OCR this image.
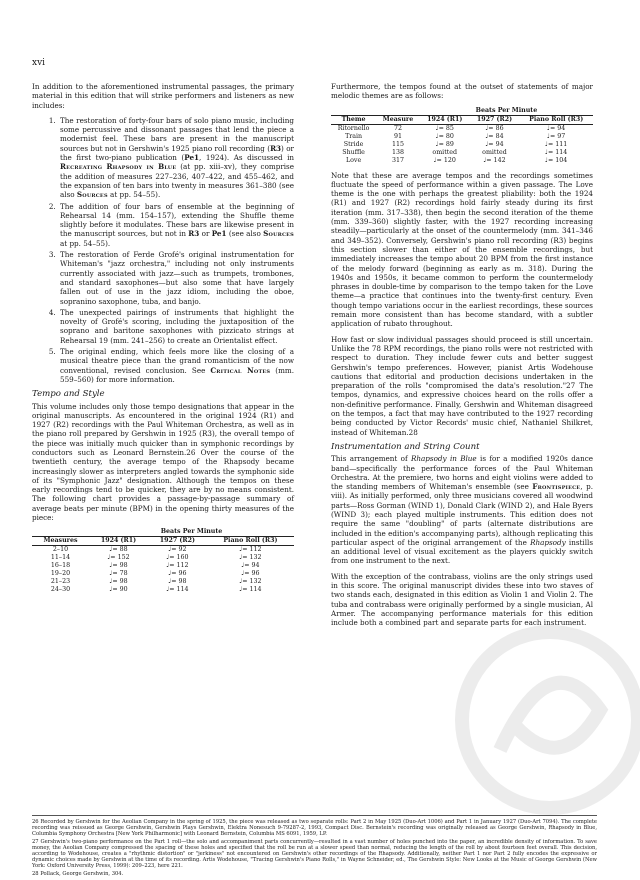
xvi

In addition to the aforementioned instrumental passages, the primary material in this edition that will strike performers and listeners as new includes:

1. The restoration of forty-four bars of solo piano music, including some percussive and dissonant passages that lend the piece a modernist feel. These bars are present in the manuscript sources but not in Gershwin's 1925 piano roll recording (R3) or the first two-piano publication (Pe1, 1924). As discussed in Recreating Rhapsody in Blue (at pp. xiii–xv), they comprise the addition of measures 227–236, 407–422, and 455–462, and the expansion of ten bars into twenty in measures 361–380 (see also Sources at pp. 54–55).
2. The addition of four bars of ensemble at the beginning of Rehearsal 14 (mm. 154–157), extending the Shuffle theme slightly before it modulates. These bars are likewise present in the manuscript sources, but not in R3 or Pe1 (see also Sources at pp. 54–55).
3. The restoration of Ferde Grofé's original instrumentation for Whiteman's "jazz orchestra," including not only instruments currently associated with jazz—such as trumpets, trombones, and standard saxophones—but also some that have largely fallen out of use in the jazz idiom, including the oboe, sopranino saxophone, tuba, and banjo.
4. The unexpected pairings of instruments that highlight the novelty of Grofé's scoring, including the juxtaposition of the soprano and baritone saxophones with pizzicato strings at Rehearsal 19 (mm. 241–256) to create an Orientalist effect.
5. The original ending, which feels more like the closing of a musical theatre piece than the grand romanticism of the now conventional, revised conclusion. See Critical Notes (mm. 559–560) for more information.
Tempo and Style

This volume includes only those tempo designations that appear in the original manuscripts. As encountered in the original 1924 (R1) and 1927 (R2) recordings with the Paul Whiteman Orchestra, as well as in the piano roll prepared by Gershwin in 1925 (R3), the overall tempo of the piece was initially much quicker than in symphonic recordings by conductors such as Leonard Bernstein.26 Over the course of the twentieth century, the average tempo of the Rhapsody became increasingly slower as interpreters angled towards the symphonic side of its "Symphonic Jazz" designation. Although the tempos on these early recordings tend to be quicker, they are by no means consistent. The following chart provides a passage-by-passage summary of average beats per minute (BPM) in the opening thirty measures of the piece:

	Beats Per Minute		
Measures	1924 (R1)	1927 (R2)	Piano Roll (R3)
2–10	♩= 88	♩= 92	♩= 112
11–14	♩= 152	♩= 160	♩= 132
16–18	♩= 98	♩= 112	♩= 94
19–20	♩= 78	♩= 96	♩= 96
21–23	♩= 98	♩= 98	♩= 132
24–30	♩= 90	♩= 114	♩= 114

Furthermore, the tempos found at the outset of statements of major melodic themes are as follows:

		Beats Per Minute		
Theme	Measure	1924 (R1)	1927 (R2)	Piano Roll (R3)
Ritornello	72	♩= 85	♩= 86	♩= 94
Train	91	♩= 80	♩= 84	♩= 97
Stride	115	♩= 89	♩= 94	♩= 111
Shuffle	138	omitted	omitted	♩= 114
Love	317	♩= 120	♩= 142	♩= 104

Note that these are average tempos and the recordings sometimes fluctuate the speed of performance within a given passage. The Love theme is the one with perhaps the greatest pliability: both the 1924 (R1) and 1927 (R2) recordings hold fairly steady during its first iteration (mm. 317–338), then begin the second iteration of the theme (mm. 339–360) slightly faster, with the 1927 recording increasing steadily—particularly at the onset of the countermelody (mm. 341–346 and 349–352). Conversely, Gershwin's piano roll recording (R3) begins this section slower than either of the ensemble recordings, but immediately increases the tempo about 20 BPM from the first instance of the melody forward (beginning as early as m. 318). During the 1940s and 1950s, it became common to perform the countermelody phrases in double-time by comparison to the tempo taken for the Love theme—a practice that continues into the twenty-first century. Even though tempo variations occur in the earliest recordings, these sources remain more consistent than has become standard, with a subtler application of rubato throughout.

How fast or slow individual passages should proceed is still uncertain. Unlike the 78 RPM recordings, the piano rolls were not restricted with respect to duration. They include fewer cuts and better suggest Gershwin's tempo preferences. However, pianist Artis Wodehouse cautions that editorial and production decisions undertaken in the preparation of the rolls "compromised the data's resolution."27 The tempos, dynamics, and expressive choices heard on the rolls offer a non-definitive performance. Finally, Gershwin and Whiteman disagreed on the tempos, a fact that may have contributed to the 1927 recording being conducted by Victor Records' music chief, Nathaniel Shilkret, instead of Whiteman.28

Instrumentation and String Count

This arrangement of Rhapsody in Blue is for a modified 1920s dance band—specifically the performance forces of the Paul Whiteman Orchestra. At the premiere, two horns and eight violins were added to the standing members of Whiteman's ensemble (see Frontispiece, p. viii). As initially performed, only three musicians covered all woodwind parts—Ross Gorman (WIND 1), Donald Clark (WIND 2), and Hale Byers (WIND 3); each played multiple instruments. This edition does not require the same "doubling" of parts (alternate distributions are included in the edition's accompanying parts), although replicating this particular aspect of the original arrangement of the Rhapsody instills an additional level of visual excitement as the players quickly switch from one instrument to the next.

With the exception of the contrabass, violins are the only strings used in this score. The original manuscript divides these into two staves of two stands each, designated in this edition as Violin 1 and Violin 2. The tuba and contrabass were originally performed by a single musician, Al Armer. The accompanying performance materials for this edition include both a combined part and separate parts for each instrument.

26 Recorded by Gershwin for the Aeolian Company in the spring of 1925, the piece was released as two separate rolls: Part 2 in May 1925 (Duo-Art 1006) and Part 1 in January 1927 (Duo-Art 7094). The complete recording was reissued as George Gershwin, Gershwin Plays Gershwin, Elektra Nonesuch 9-79287-2, 1993, Compact Disc. Bernstein's recording was originally released as George Gershwin, Rhapsody in Blue, Columbia Symphony Orchestra [New York Philharmonic] with Leonard Bernstein, Columbia MS 6091, 1959, LP.

27 Gershwin's two-piano performance on the Part 1 roll—the solo and accompaniment parts concurrently—resulted in a vast number of holes punched into the paper, an incredible density of information. To save money, the Aeolian Company compressed the spacing of these holes and specified that the roll be run at a slower speed than normal, reducing the length of the roll by about fourteen feet overall. This decision, according to Wodehouse, creates a "rhythmic distortion" or "jerkiness" not encountered on Gershwin's other recordings of the Rhapsody. Additionally, neither Part 1 nor Part 2 fully encodes the expressive or dynamic choices made by Gershwin at the time of its recording. Artis Wodehouse, "Tracing Gershwin's Piano Rolls," in Wayne Schneider, ed., The Gershwin Style: New Looks at the Music of George Gershwin (New York: Oxford University Press, 1999): 209–223, here 221.

28 Pollack, George Gershwin, 304.
